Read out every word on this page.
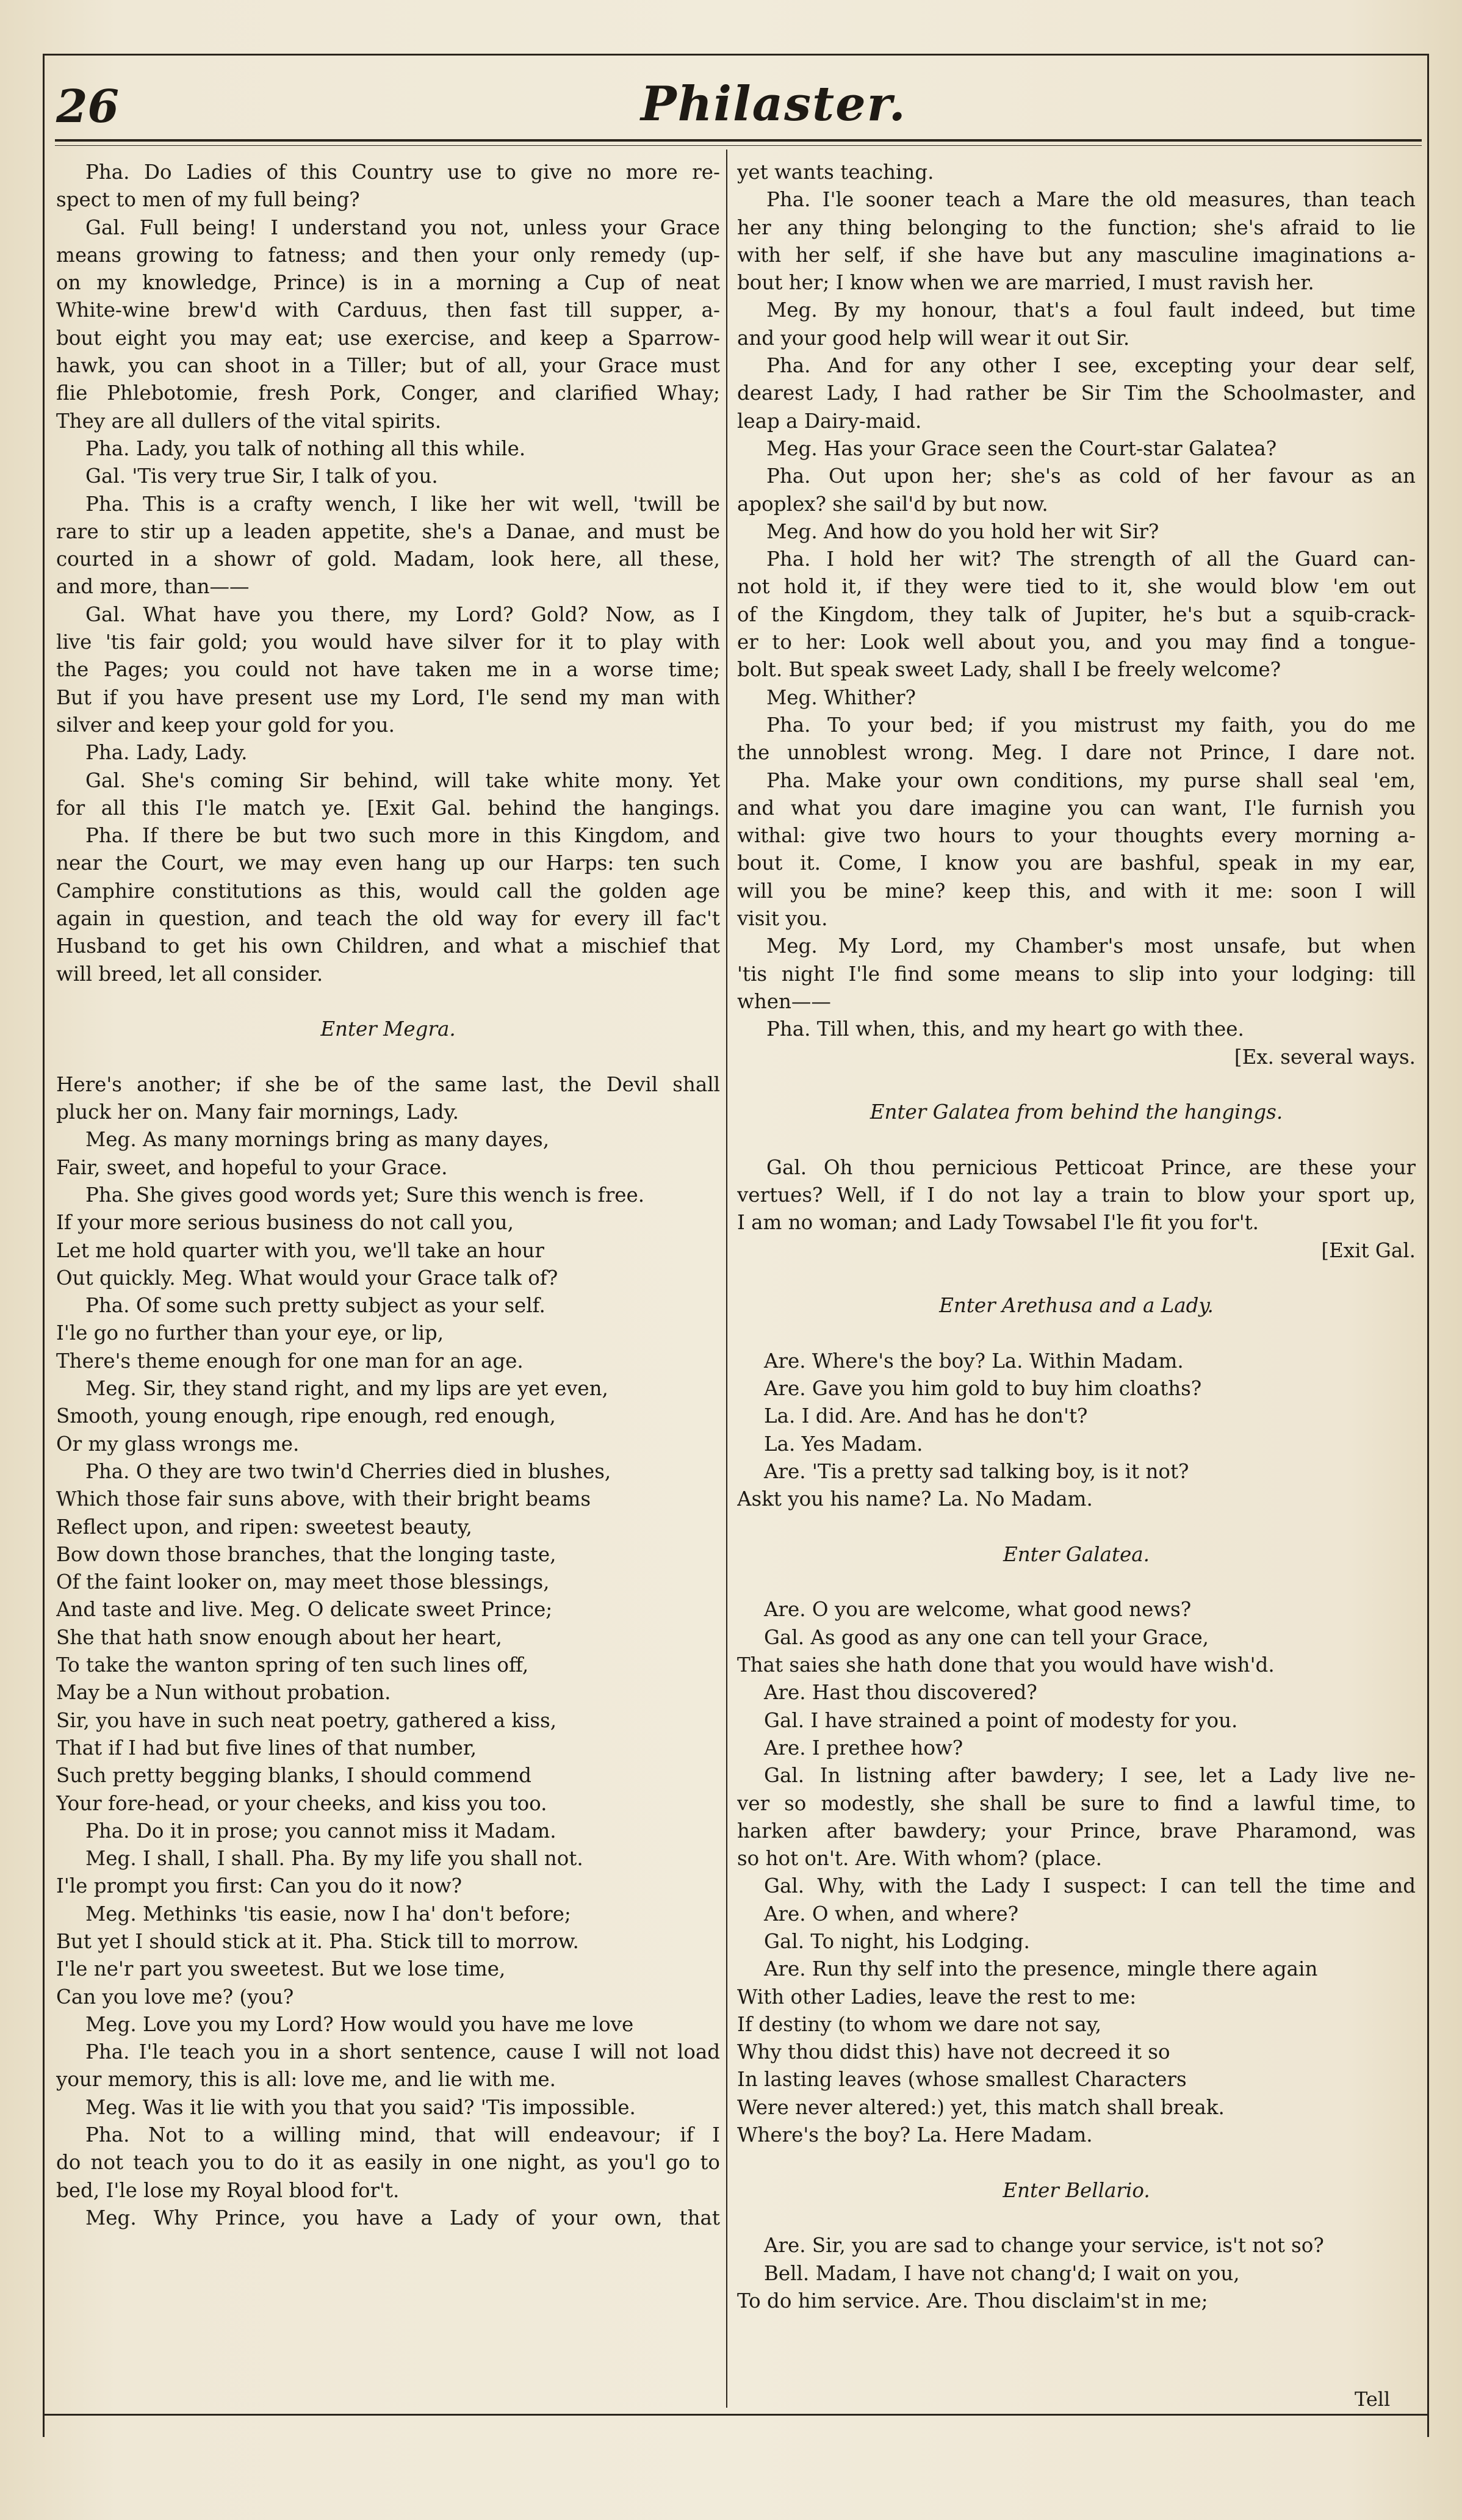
26	Philaster.
Pha. Do Ladies of this Country use to give no more re-
spect to men of my full being?
Gal. Full being! I understand you not, unless your Grace
means growing to fatness; and then your only remedy (up-
on my knowledge, Prince) is in a morning a Cup of neat
White-wine brew'd with Carduus, then fast till supper, a-
bout eight you may eat; use exercise, and keep a Sparrow-
hawk, you can shoot in a Tiller; but of all, your Grace must
flie Phlebotomie, fresh Pork, Conger, and clarified Whay;
They are all dullers of the vital spirits.
Pha. Lady, you talk of nothing all this while.
Gal. 'Tis very true Sir, I talk of you.
Pha. This is a crafty wench, I like her wit well, 'twill be
rare to stir up a leaden appetite, she's a Danae, and must be
courted in a showr of gold. Madam, look here, all these,
and more, than——
Gal. What have you there, my Lord? Gold? Now, as I
live 'tis fair gold; you would have silver for it to play with
the Pages; you could not have taken me in a worse time;
But if you have present use my Lord, I'le send my man with
silver and keep your gold for you.
Pha. Lady, Lady.
Gal. She's coming Sir behind, will take white mony. Yet
for all this I'le match ye. [Exit Gal. behind the hangings.
Pha. If there be but two such more in this Kingdom, and
near the Court, we may even hang up our Harps: ten such
Camphire constitutions as this, would call the golden age
again in question, and teach the old way for every ill fac't
Husband to get his own Children, and what a mischief that
will breed, let all consider.
Enter Megra.
Here's another; if she be of the same last, the Devil shall
pluck her on. Many fair mornings, Lady.
Meg. As many mornings bring as many dayes,
Fair, sweet, and hopeful to your Grace.
Pha. She gives good words yet; Sure this wench is free.
If your more serious business do not call you,
Let me hold quarter with you, we'll take an hour
Out quickly. Meg. What would your Grace talk of?
Pha. Of some such pretty subject as your self.
I'le go no further than your eye, or lip,
There's theme enough for one man for an age.
Meg. Sir, they stand right, and my lips are yet even,
Smooth, young enough, ripe enough, red enough,
Or my glass wrongs me.
Pha. O they are two twin'd Cherries died in blushes,
Which those fair suns above, with their bright beams
Reflect upon, and ripen: sweetest beauty,
Bow down those branches, that the longing taste,
Of the faint looker on, may meet those blessings,
And taste and live. Meg. O delicate sweet Prince;
She that hath snow enough about her heart,
To take the wanton spring of ten such lines off,
May be a Nun without probation.
Sir, you have in such neat poetry, gathered a kiss,
That if I had but five lines of that number,
Such pretty begging blanks, I should commend
Your fore-head, or your cheeks, and kiss you too.
Pha. Do it in prose; you cannot miss it Madam.
Meg. I shall, I shall. Pha. By my life you shall not.
I'le prompt you first: Can you do it now?
Meg. Methinks 'tis easie, now I ha' don't before;
But yet I should stick at it. Pha. Stick till to morrow.
I'le ne'r part you sweetest. But we lose time,
Can you love me? (you?
Meg. Love you my Lord? How would you have me love
Pha. I'le teach you in a short sentence, cause I will not load
your memory, this is all: love me, and lie with me.
Meg. Was it lie with you that you said? 'Tis impossible.
Pha. Not to a willing mind, that will endeavour; if I
do not teach you to do it as easily in one night, as you'l go to
bed, I'le lose my Royal blood for't.
Meg. Why Prince, you have a Lady of your own, that
yet wants teaching.
Pha. I'le sooner teach a Mare the old measures, than teach
her any thing belonging to the function; she's afraid to lie
with her self, if she have but any masculine imaginations a-
bout her; I know when we are married, I must ravish her.
Meg. By my honour, that's a foul fault indeed, but time
and your good help will wear it out Sir.
Pha. And for any other I see, excepting your dear self,
dearest Lady, I had rather be Sir Tim the Schoolmaster, and
leap a Dairy-maid.
Meg. Has your Grace seen the Court-star Galatea?
Pha. Out upon her; she's as cold of her favour as an
apoplex? she sail'd by but now.
Meg. And how do you hold her wit Sir?
Pha. I hold her wit? The strength of all the Guard can-
not hold it, if they were tied to it, she would blow 'em out
of the Kingdom, they talk of Jupiter, he's but a squib-crack-
er to her: Look well about you, and you may find a tongue-
bolt. But speak sweet Lady, shall I be freely welcome?
Meg. Whither?
Pha. To your bed; if you mistrust my faith, you do me
the unnoblest wrong. Meg. I dare not Prince, I dare not.
Pha. Make your own conditions, my purse shall seal 'em,
and what you dare imagine you can want, I'le furnish you
withal: give two hours to your thoughts every morning a-
bout it. Come, I know you are bashful, speak in my ear,
will you be mine? keep this, and with it me: soon I will
visit you.
Meg. My Lord, my Chamber's most unsafe, but when
'tis night I'le find some means to slip into your lodging: till
when——
Pha. Till when, this, and my heart go with thee.
[Ex. several ways.
Enter Galatea from behind the hangings.
Gal. Oh thou pernicious Petticoat Prince, are these your
vertues? Well, if I do not lay a train to blow your sport up,
I am no woman; and Lady Towsabel I'le fit you for't.
[Exit Gal.
Enter Arethusa and a Lady.
Are. Where's the boy? La. Within Madam.
Are. Gave you him gold to buy him cloaths?
La. I did. Are. And has he don't?
La. Yes Madam.
Are. 'Tis a pretty sad talking boy, is it not?
Askt you his name? La. No Madam.
Enter Galatea.
Are. O you are welcome, what good news?
Gal. As good as any one can tell your Grace,
That saies she hath done that you would have wish'd.
Are. Hast thou discovered?
Gal. I have strained a point of modesty for you.
Are. I prethee how?
Gal. In listning after bawdery; I see, let a Lady live ne-
ver so modestly, she shall be sure to find a lawful time, to
harken after bawdery; your Prince, brave Pharamond, was
so hot on't. Are. With whom? (place.
Gal. Why, with the Lady I suspect: I can tell the time and
Are. O when, and where?
Gal. To night, his Lodging.
Are. Run thy self into the presence, mingle there again
With other Ladies, leave the rest to me:
If destiny (to whom we dare not say,
Why thou didst this) have not decreed it so
In lasting leaves (whose smallest Characters
Were never altered:) yet, this match shall break.
Where's the boy? La. Here Madam.
Enter Bellario.
Are. Sir, you are sad to change your service, is't not so?
Bell. Madam, I have not chang'd; I wait on you,
To do him service. Are. Thou disclaim'st in me;
Tell
